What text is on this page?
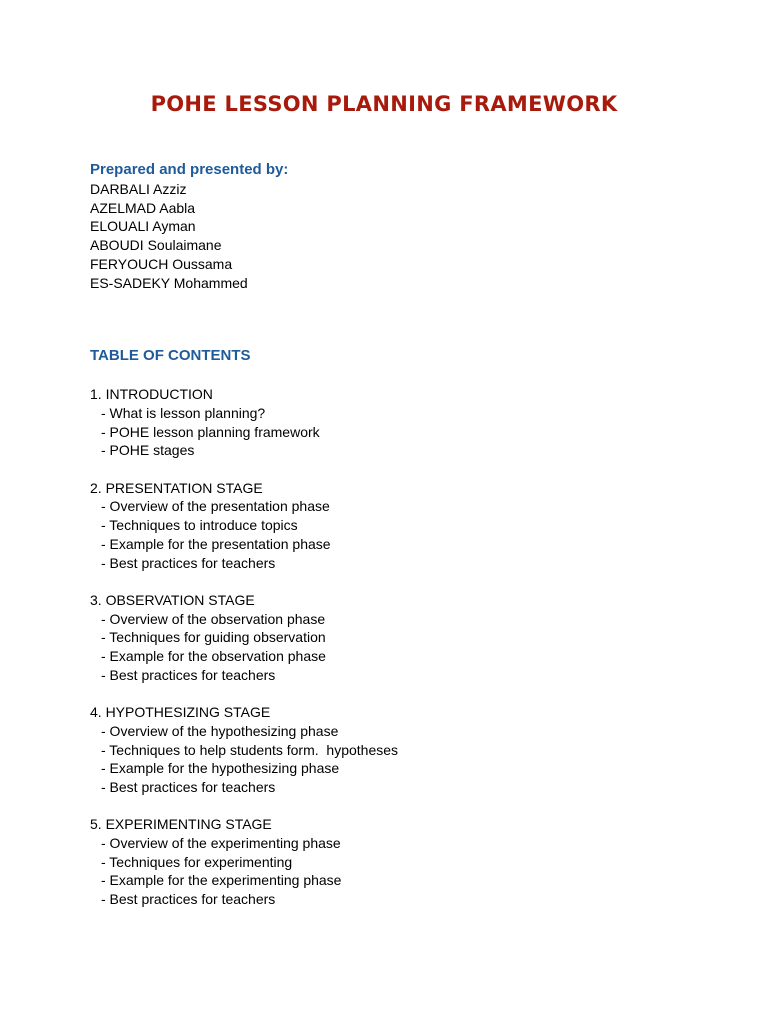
POHE LESSON PLANNING FRAMEWORK
Prepared and presented by:
DARBALI Azziz
AZELMAD Aabla
ELOUALI Ayman
ABOUDI Soulaimane
FERYOUCH Oussama
ES-SADEKY Mohammed
TABLE OF CONTENTS
1. INTRODUCTION
- What is lesson planning?
- POHE lesson planning framework
- POHE stages
2. PRESENTATION STAGE
- Overview of the presentation phase
- Techniques to introduce topics
- Example for the presentation phase
- Best practices for teachers
3. OBSERVATION STAGE
- Overview of the observation phase
- Techniques for guiding observation
- Example for the observation phase
- Best practices for teachers
4. HYPOTHESIZING STAGE
- Overview of the hypothesizing phase
- Techniques to help students form.  hypotheses
- Example for the hypothesizing phase
- Best practices for teachers
5. EXPERIMENTING STAGE
- Overview of the experimenting phase
- Techniques for experimenting
- Example for the experimenting phase
- Best practices for teachers
